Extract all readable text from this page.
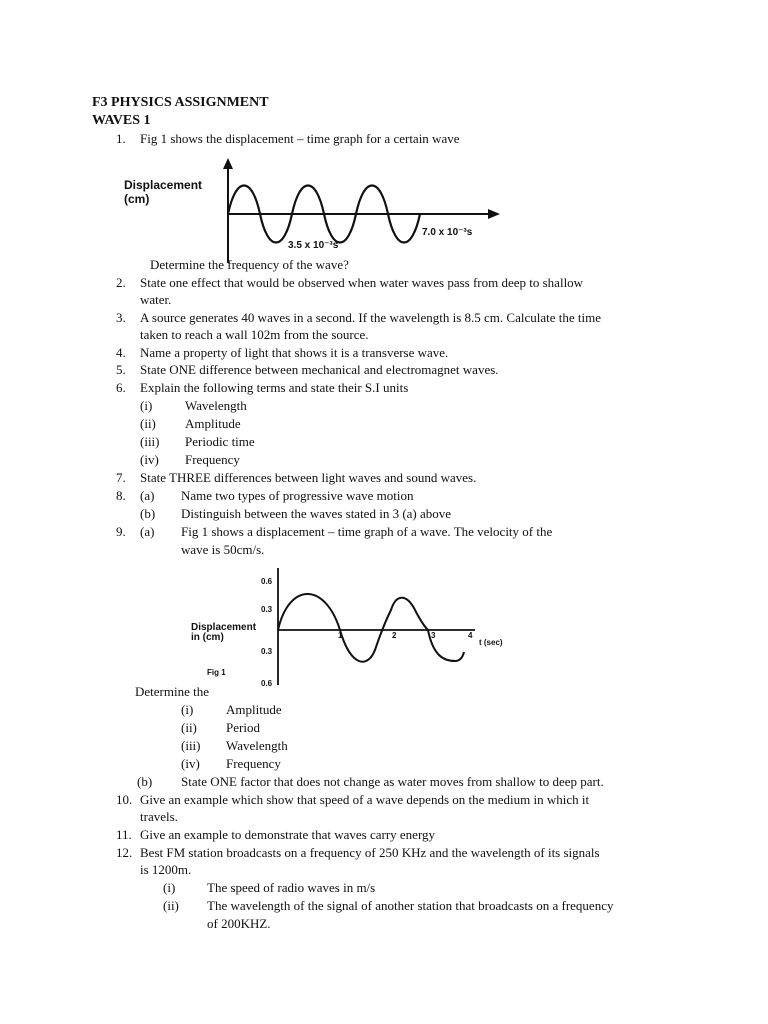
F3 PHYSICS ASSIGNMENT
WAVES 1
1. Fig 1 shows the displacement – time graph for a certain wave
Displacement
(cm)
3.5 x 10⁻³s
7.0 x 10⁻³s
Determine the frequency of the wave?
2. State one effect that would be observed when water waves pass from deep to shallow
water.
3. A source generates 40 waves in a second. If the wavelength is 8.5 cm. Calculate the time
taken to reach a wall 102m from the source.
4. Name a property of light that shows it is a transverse wave.
5. State ONE difference between mechanical and electromagnet waves.
6. Explain the following terms and state their S.I units
(i)	Wavelength
(ii) Amplitude
(iii) Periodic time
(iv) Frequency
7. State THREE differences between light waves and sound waves.
8. (a) Name two types of progressive wave motion
(b) Distinguish between the waves stated in 3 (a) above
9. (a) Fig 1 shows a displacement – time graph of a wave. The velocity of the
wave is 50cm/s.
0.6
0.3
0.3
0.6
Displacement
in (cm)
Fig 1
1	2	3	4
t (sec)
Determine the
(i)	Amplitude
(ii) Period
(iii) Wavelength
(iv) Frequency
(b) State ONE factor that does not change as water moves from shallow to deep part.
10. Give an example which show that speed of a wave depends on the medium in which it
travels.
11. Give an example to demonstrate that waves carry energy
12. Best FM station broadcasts on a frequency of 250 KHz and the wavelength of its signals
is 1200m.
(i) The speed of radio waves in m/s
(ii) The wavelength of the signal of another station that broadcasts on a frequency
of 200KHZ.
